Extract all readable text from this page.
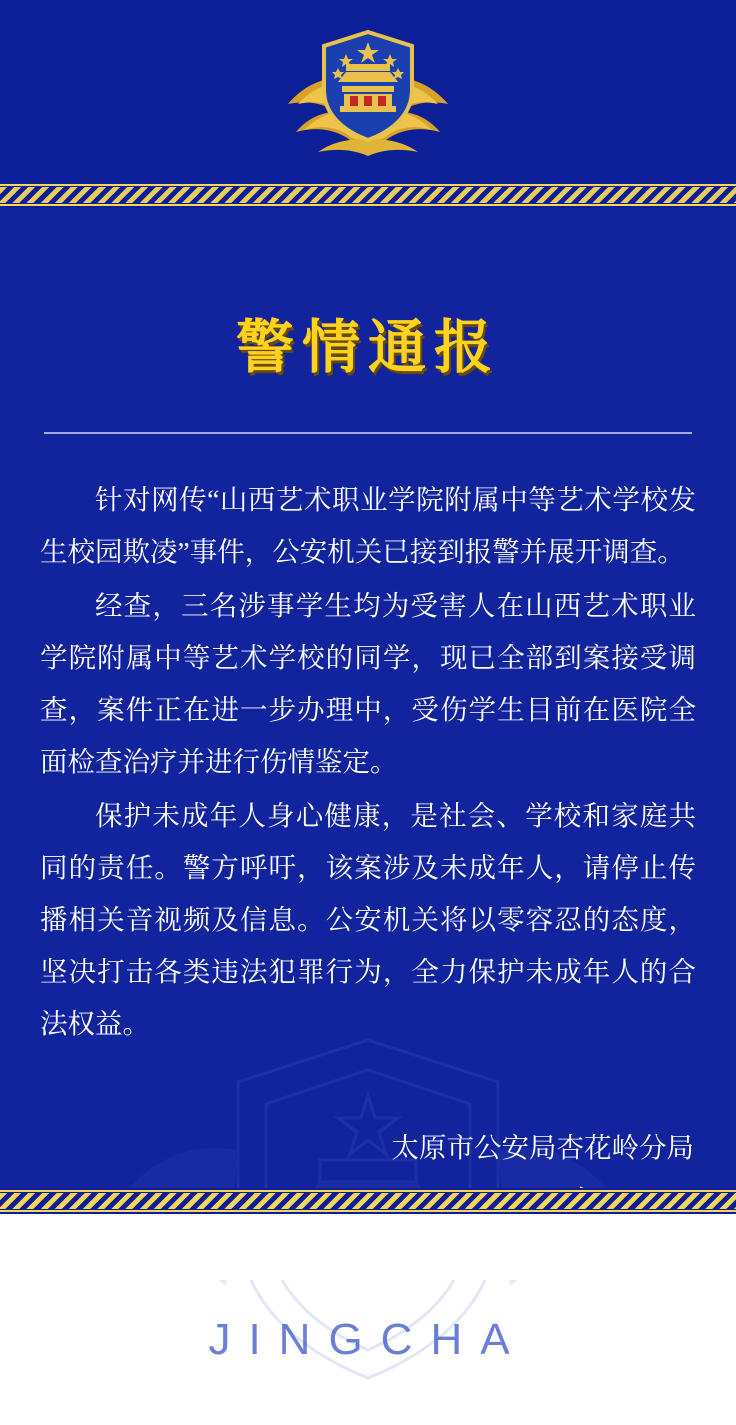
JINGCHA
警情通报

针对网传“山西艺术职业学院附属中等艺术学校发生校园欺凌”事件，公安机关已接到报警并展开调查。

经查，三名涉事学生均为受害人在山西艺术职业学院附属中等艺术学校的同学，现已全部到案接受调查，案件正在进一步办理中，受伤学生目前在医院全面检查治疗并进行伤情鉴定。

保护未成年人身心健康，是社会、学校和家庭共同的责任。警方呼吁，该案涉及未成年人，请停止传播相关音视频及信息。公安机关将以零容忍的态度，坚决打击各类违法犯罪行为，全力保护未成年人的合法权益。

太原市公安局杏花岭分局
